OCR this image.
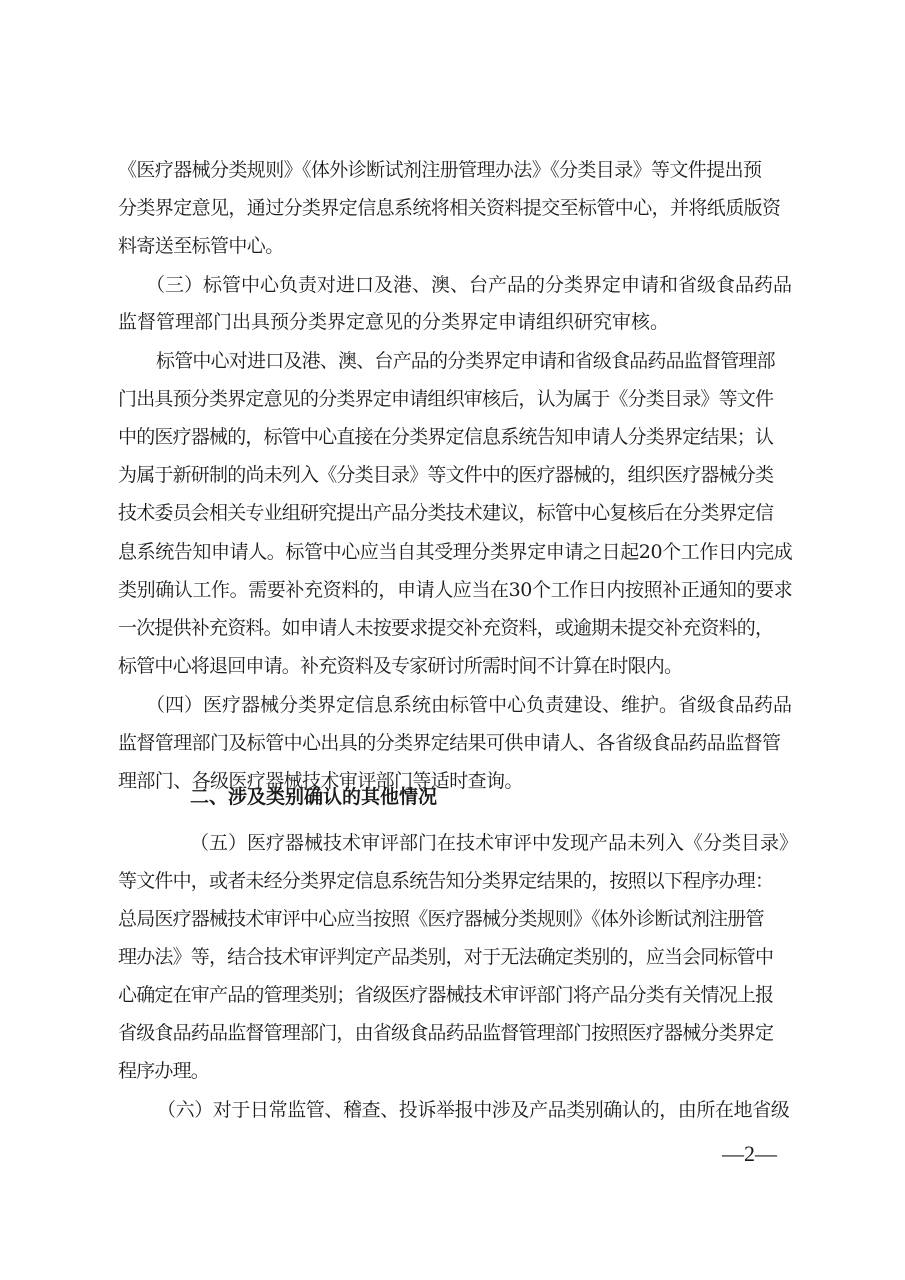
《医疗器械分类规则》《体外诊断试剂注册管理办法》《分类目录》等文件提出预
分类界定意见，通过分类界定信息系统将相关资料提交至标管中心，并将纸质版资
料寄送至标管中心。
（三）标管中心负责对进口及港、澳、台产品的分类界定申请和省级食品药品
监督管理部门出具预分类界定意见的分类界定申请组织研究审核。
标管中心对进口及港、澳、台产品的分类界定申请和省级食品药品监督管理部
门出具预分类界定意见的分类界定申请组织审核后，认为属于《分类目录》等文件
中的医疗器械的，标管中心直接在分类界定信息系统告知申请人分类界定结果；认
为属于新研制的尚未列入《分类目录》等文件中的医疗器械的，组织医疗器械分类
技术委员会相关专业组研究提出产品分类技术建议，标管中心复核后在分类界定信
息系统告知申请人。标管中心应当自其受理分类界定申请之日起20个工作日内完成
类别确认工作。需要补充资料的，申请人应当在30个工作日内按照补正通知的要求
一次提供补充资料。如申请人未按要求提交补充资料，或逾期未提交补充资料的，
标管中心将退回申请。补充资料及专家研讨所需时间不计算在时限内。
（四）医疗器械分类界定信息系统由标管中心负责建设、维护。省级食品药品
监督管理部门及标管中心出具的分类界定结果可供申请人、各省级食品药品监督管
理部门、各级医疗器械技术审评部门等适时查询。
二、涉及类别确认的其他情况
（五）医疗器械技术审评部门在技术审评中发现产品未列入《分类目录》
等文件中，或者未经分类界定信息系统告知分类界定结果的，按照以下程序办理：
总局医疗器械技术审评中心应当按照《医疗器械分类规则》《体外诊断试剂注册管
理办法》等，结合技术审评判定产品类别，对于无法确定类别的，应当会同标管中
心确定在审产品的管理类别；省级医疗器械技术审评部门将产品分类有关情况上报
省级食品药品监督管理部门，由省级食品药品监督管理部门按照医疗器械分类界定
程序办理。
（六）对于日常监管、稽查、投诉举报中涉及产品类别确认的，由所在地省级
—2—
